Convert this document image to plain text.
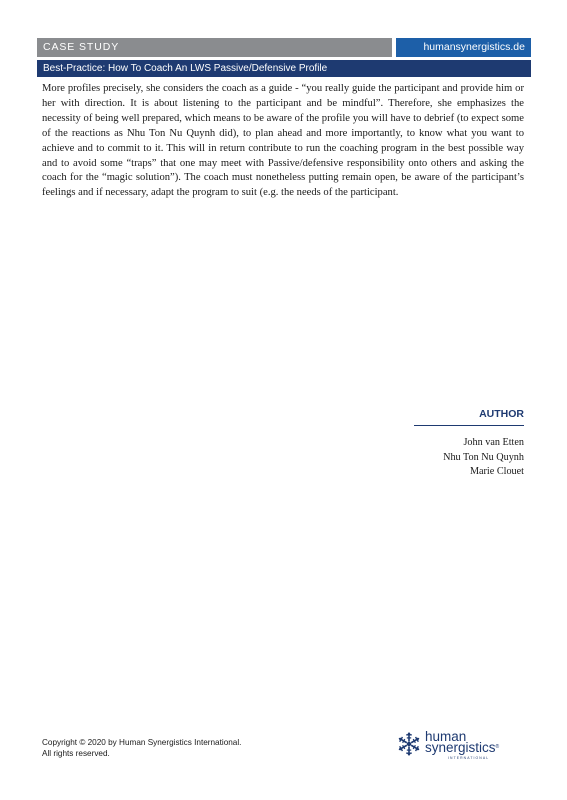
CASE STUDY	humansynergistics.de
Best-Practice: How To Coach An LWS Passive/Defensive Profile

More profiles precisely, she considers the coach as a guide - “you really guide the participant and provide him or her with direction. It is about listening to the participant and be mindful”. Therefore, she emphasizes the necessity of being well prepared, which means to be aware of the profile you will have to debrief (to expect some of the reactions as Nhu Ton Nu Quynh did), to plan ahead and more importantly, to know what you want to achieve and to commit to it. This will in return contribute to run the coaching program in the best possible way and to avoid some “traps” that one may meet with Passive/defensive responsibility onto others and asking the coach for the “magic solution”). The coach must nonetheless putting remain open, be aware of the participant’s feelings and if necessary, adapt the program to suit (e.g. the needs of the participant.

AUTHOR
John van Etten
Nhu Ton Nu Quynh
Marie Clouet
Copyright © 2020 by Human Synergistics International.
All rights reserved.
human
synergistics®
INTERNATIONAL
